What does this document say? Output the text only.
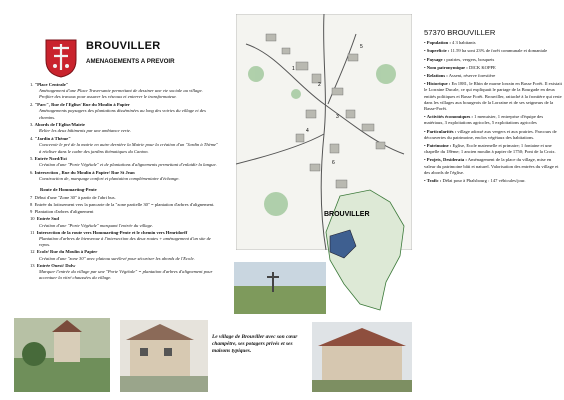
BROUVILLER
AMENAGEMENTS A PREVOIR
1. "Place Centrale"
Aménagement d'une Place Traversante permettant de dessiner une vie sociale au village. Profiter des travaux pour assurer les réseaux et enterrer le transformateur.
2. "Parc", Rue de l'Eglise/ Rue du Moulin à Papier
Aménagements paysagers des plantations disséminées au long des voiries du village et des chemins.
3. Abords de l'Eglise/Mairie
Relier les deux bâtiments par une ambiance verte.
4. "Jardin à Thème"
Concevoir le pré de la mairie en autre dernière la Mairie pour la création d'un "Jardin à Thème" à réaliser dans le cadre des jardins thématiques du Canton.
5. Entrée Nord/Est
Création d'une "Porte Végétale" et de plantations d'alignements permettant d'enlaidir la langue.
6. Intersection , Rue du Moulin à Papier/ Rue St Jean
Construction de, marquage confort et plantation complémentaire d'échange.
Route de Hommarting-Pente
7 Début d'une "Zone 30" à partir de l'abri bus.
8 Entrée du lotissement vers la pancarte de la "zone partielle 30" = plantation d'arbres d'alignement.
9 Plantation d'arbres d'alignement
10 Entrée Sud
Création d'une "Porte Végétale" marquant l'entrée du village.
11 Intersection de la route vers Hommarting-Pente et le chemin vers Henridorff
Plantation d'arbres de bienvenue à l'intersection des deux routes + aménagement d'un site de repos.
12 Ecole/ Rue du Moulin à Papier
Création d'une "zone 30" avec plateau surélevé pour sécuriser les abords de l'Ecole.
13 Entrée Ouest/ Dolw
Marquer l'entrée du village par une "Porte Végétale" = plantation d'arbres d'alignement pour accentuer la vitré chaussées du village.
1
2
3
4
5
6
BROUVILLER
57370 BROUVILLER
• Population : 4 3 habitants
• Superficie : 11.59 ha sont 23% de forêt communale et domaniale
• Paysage : prairies, vergers, bosquets
• Nom patronymique : DICK KOPPE
• Relations : Assent, réserve forestière
• Historique : En 1881, le Rhin de marne lorrain en Basse Forêt. Il existait le Lorraine Ducale, ce qui expliquait le partage de la Bourgade en deux entités politiques et Basse Forêt. Brouviller, rattaché à la frontière qui reste dans les villages aux bourgeois de la Lorraine et de ses seigneurs de la Basse-Forêt.
• Activités économiques : 1 menuisier, 1 entreprise d'équipe des matériaux, 3 exploitations agricoles, 5 exploitations agricoles
• Particularités : village adossé aux vergers et aux prairies. Parcours de découvertes du patrimoine, enclos végétaux des habitations.
• Patrimoine : Eglise, Ecole maternelle et primaire; 1 fontaine et une chapelle du 18ème; 1 ancien moulin à papier de 1750; Pont de la Croix.
• Projets, Desiderata : Aménagement de la place du village, mise en valeur du patrimoine bâti et naturel. Valorisation des entrées du village et des abords de l'église.
• Trafic : Délai pour à Phalsbourg : 147 véhicules/jour.
Le village de Brouviller avec son cœur champêtre, ses potagers privés et ses maisons typiques.
